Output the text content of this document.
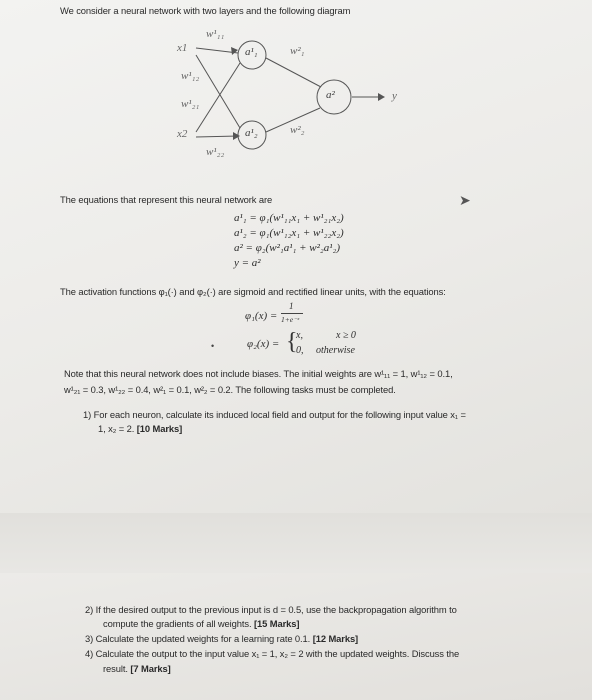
We consider a neural network with two layers and the following diagram
x1
w¹₁₁
a¹₁	w²₁
w¹₁₂
w¹₂₁
a²	y
x2
w¹₂₂
a¹₂	w²₂
The equations that represent this neural network are	➤
a¹₁ = φ₁(w¹₁₁x₁ + w¹₂₁x₂)
a¹₂ = φ₁(w¹₁₂x₁ + w¹₂₂x₂)
a² = φ₂(w²₁a¹₁ + w²₂a¹₂)
y = a²
The activation functions φ₁(·) and φ₂(·) are sigmoid and rectified linear units, with the equations:
φ₁(x) =
1
1+e⁻ˣ
•	φ₂(x) = {
x,	x ≥ 0
0, otherwise
Note that this neural network does not include biases. The initial weights are w¹₁₁ = 1, w¹₁₂ = 0.1,
w¹₂₁ = 0.3, w¹₂₂ = 0.4, w²₁ = 0.1, w²₂ = 0.2. The following tasks must be completed.
1) For each neuron, calculate its induced local field and output for the following input value x₁ =
1, x₂ = 2. [10 Marks]
2) If the desired output to the previous input is d = 0.5, use the backpropagation algorithm to
compute the gradients of all weights. [15 Marks]
3) Calculate the updated weights for a learning rate 0.1. [12 Marks]
4) Calculate the output to the input value x₁ = 1, x₂ = 2 with the updated weights. Discuss the
result. [7 Marks]
